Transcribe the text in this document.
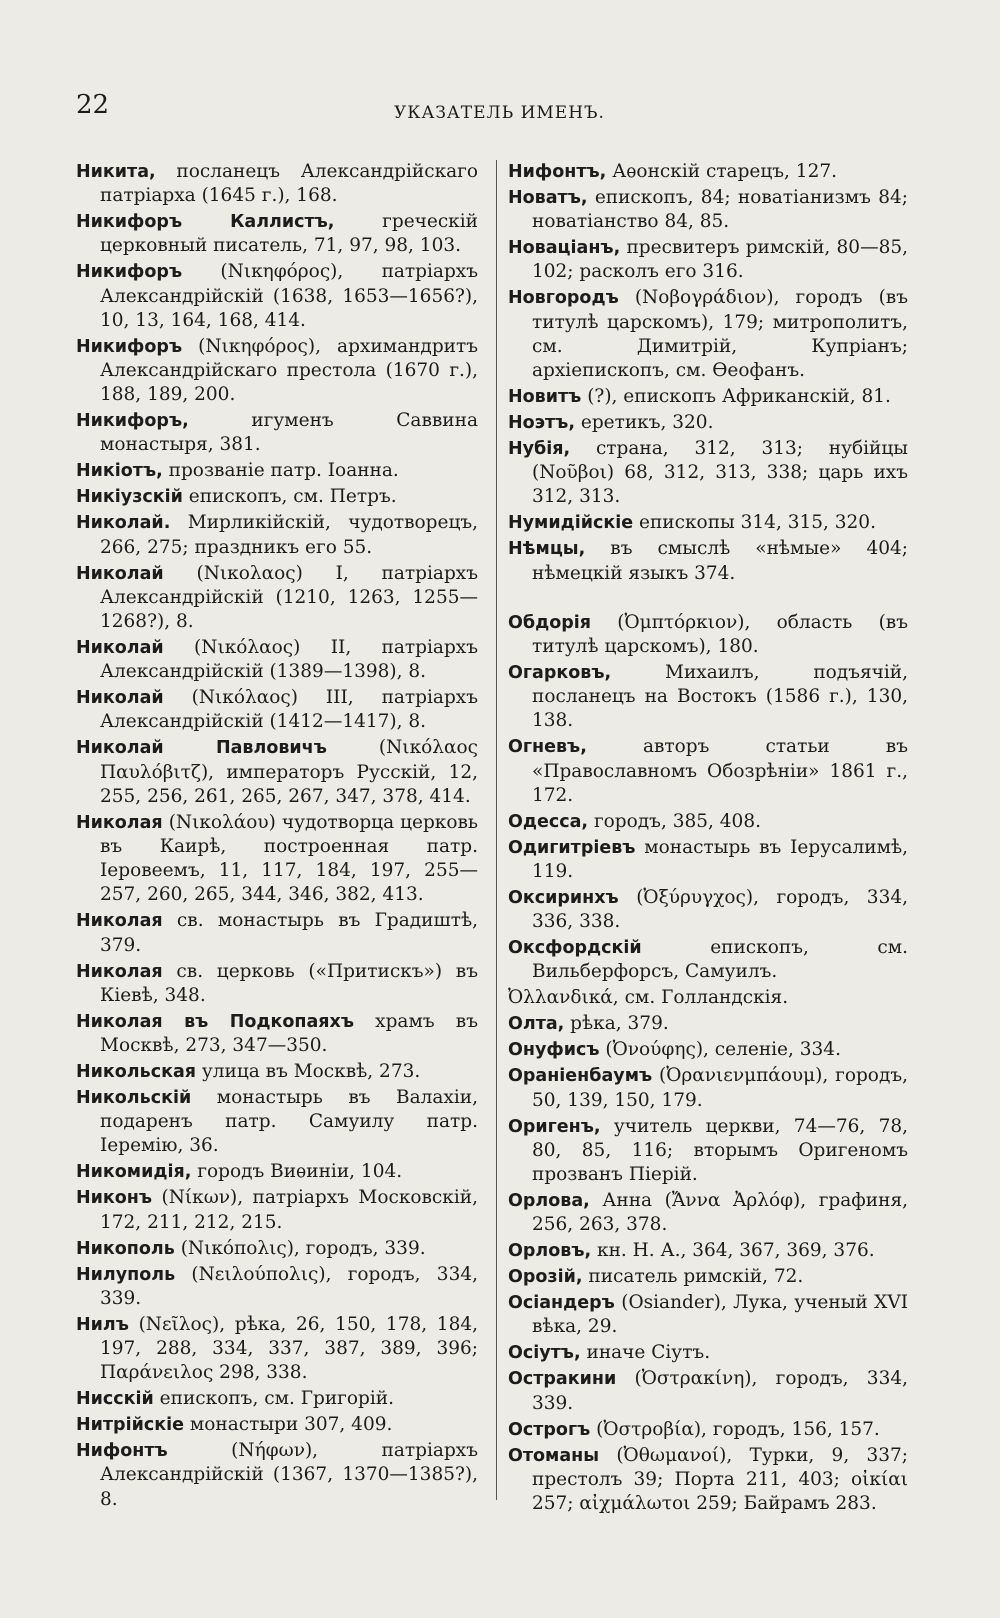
22	УКАЗАТЕЛЬ ИМЕНЪ.

Никита, посланецъ Александрійскаго патріарха (1645 г.), 168.

Никифоръ Каллистъ, греческій церковный писатель, 71, 97, 98, 103.

Никифоръ (Νικηφόρος), патріархъ Александрійскій (1638, 1653—1656?), 10, 13, 164, 168, 414.

Никифоръ (Νικηφόρος), архимандритъ Александрійскаго престола (1670 г.), 188, 189, 200.

Никифоръ, игуменъ Саввина монастыря, 381.

Никіотъ, прозваніе патр. Іоанна.

Никіузскій епископъ, см. Петръ.

Николай. Мирликійскій, чудотворецъ, 266, 275; праздникъ его 55.

Николай (Νικολαος) I, патріархъ Александрійскій (1210, 1263, 1255—1268?), 8.

Николай (Νικόλαος) II, патріархъ Александрійскій (1389—1398), 8.

Николай (Νικόλαος) III, патріархъ Александрійскій (1412—1417), 8.

Николай Павловичъ (Νικόλαος Παυλόβιτζ), императоръ Русскій, 12, 255, 256, 261, 265, 267, 347, 378, 414.

Николая (Νικολάου) чудотворца церковь въ Каирѣ, построенная патр. Іеровеемъ, 11, 117, 184, 197, 255—257, 260, 265, 344, 346, 382, 413.

Николая св. монастырь въ Градиштѣ, 379.

Николая св. церковь («Притискъ») въ Кіевѣ, 348.

Николая въ Подкопаяхъ храмъ въ Москвѣ, 273, 347—350.

Никольская улица въ Москвѣ, 273.

Никольскій монастырь въ Валахіи, подаренъ патр. Самуилу патр. Іеремію, 36.

Никомидія, городъ Виѳиніи, 104.

Никонъ (Νίκων), патріархъ Московскій, 172, 211, 212, 215.

Никополь (Νικόπολις), городъ, 339.

Нилуполь (Νειλούπολις), городъ, 334, 339.

Нилъ (Νεῖλος), рѣка, 26, 150, 178, 184, 197, 288, 334, 337, 387, 389, 396; Παράνειλος 298, 338.

Нисскій епископъ, см. Григорій.

Нитрійскіе монастыри 307, 409.

Нифонтъ (Νήφων), патріархъ Александрійскій (1367, 1370—1385?), 8.

Нифонтъ, Аѳонскій старецъ, 127.

Новатъ, епископъ, 84; новатіанизмъ 84; новатіанство 84, 85.

Новаціанъ, пресвитеръ римскій, 80—85, 102; расколъ его 316.

Новгородъ (Νοβογράδιον), городъ (въ титулѣ царскомъ), 179; митрополитъ, см. Димитрій, Купріанъ; архіепископъ, см. Ѳеофанъ.

Новитъ (?), епископъ Африканскій, 81.

Ноэтъ, еретикъ, 320.

Нубія, страна, 312, 313; нубійцы (Νοῦβοι) 68, 312, 313, 338; царь ихъ 312, 313.

Нумидійскіе епископы 314, 315, 320.

Нѣмцы, въ смыслѣ «нѣмые» 404; нѣмецкій языкъ 374.

Обдорія (Ὀμπτόρκιον), область (въ титулѣ царскомъ), 180.

Огарковъ, Михаилъ, подъячій, посланецъ на Востокъ (1586 г.), 130, 138.

Огневъ, авторъ статьи въ «Православномъ Обозрѣніи» 1861 г., 172.

Одесса, городъ, 385, 408.

Одигитріевъ монастырь въ Іерусалимѣ, 119.

Оксиринхъ (Ὀξύρυγχος), городъ, 334, 336, 338.

Оксфордскій епископъ, см. Вильберфорсъ, Самуилъ.

Ὀλλανδικά, см. Голландскія.

Олта, рѣка, 379.

Онуфисъ (Ὀνούφης), селеніе, 334.

Ораніенбаумъ (Ὀρανιενμπάουμ), городъ, 50, 139, 150, 179.

Оригенъ, учитель церкви, 74—76, 78, 80, 85, 116; вторымъ Оригеномъ прозванъ Піерій.

Орлова, Анна (Ἄννα Ἀρλόφ), графиня, 256, 263, 378.

Орловъ, кн. Н. А., 364, 367, 369, 376.

Орозій, писатель римскій, 72.

Осіандеръ (Osiander), Лука, ученый XVI вѣка, 29.

Осіутъ, иначе Сіутъ.

Остракини (Ὀστρακίνη), городъ, 334, 339.

Острогъ (Ὀστροβία), городъ, 156, 157.

Отоманы (Ὀθωμανοί), Турки, 9, 337; престолъ 39; Порта 211, 403; οἰκίαι 257; αἰχμάλωτοι 259; Байрамъ 283.
